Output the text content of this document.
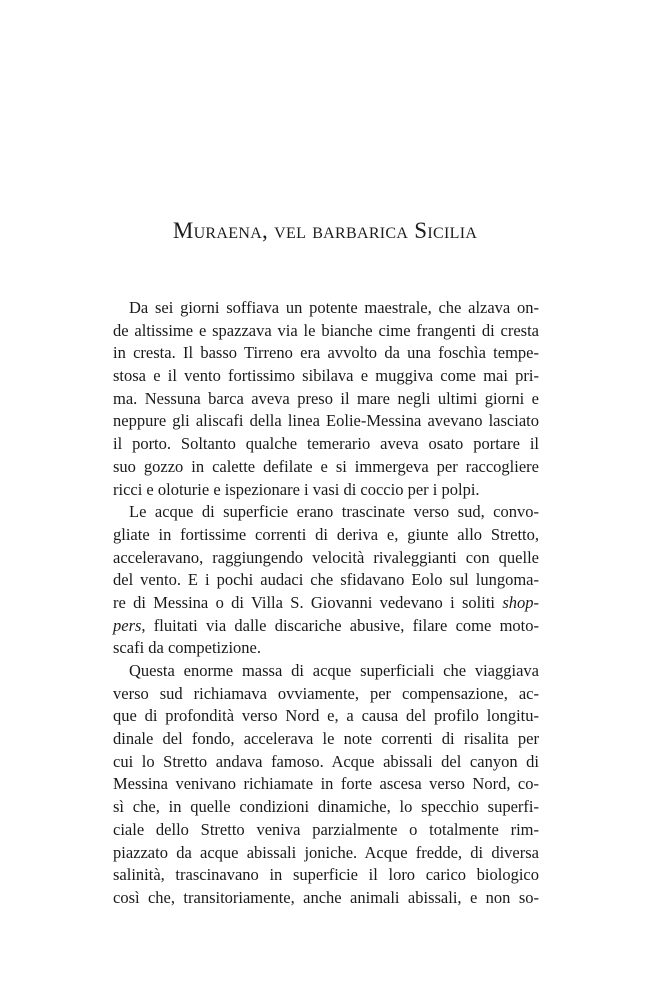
Muraena, vel barbarica Sicilia
Da sei giorni soffiava un potente maestrale, che alzava on-
de altissime e spazzava via le bianche cime frangenti di cresta
in cresta. Il basso Tirreno era avvolto da una foschìa tempe-
stosa e il vento fortissimo sibilava e muggiva come mai pri-
ma. Nessuna barca aveva preso il mare negli ultimi giorni e
neppure gli aliscafi della linea Eolie-Messina avevano lasciato
il porto. Soltanto qualche temerario aveva osato portare il
suo gozzo in calette defilate e si immergeva per raccogliere
ricci e oloturie e ispezionare i vasi di coccio per i polpi.
Le acque di superficie erano trascinate verso sud, convo-
gliate in fortissime correnti di deriva e, giunte allo Stretto,
acceleravano, raggiungendo velocità rivaleggianti con quelle
del vento. E i pochi audaci che sfidavano Eolo sul lungoma-
re di Messina o di Villa S. Giovanni vedevano i soliti shop-
pers, fluitati via dalle discariche abusive, filare come moto-
scafi da competizione.
Questa enorme massa di acque superficiali che viaggiava
verso sud richiamava ovviamente, per compensazione, ac-
que di profondità verso Nord e, a causa del profilo longitu-
dinale del fondo, accelerava le note correnti di risalita per
cui lo Stretto andava famoso. Acque abissali del canyon di
Messina venivano richiamate in forte ascesa verso Nord, co-
sì che, in quelle condizioni dinamiche, lo specchio superfi-
ciale dello Stretto veniva parzialmente o totalmente rim-
piazzato da acque abissali joniche. Acque fredde, di diversa
salinità, trascinavano in superficie il loro carico biologico
così che, transitoriamente, anche animali abissali, e non so-
